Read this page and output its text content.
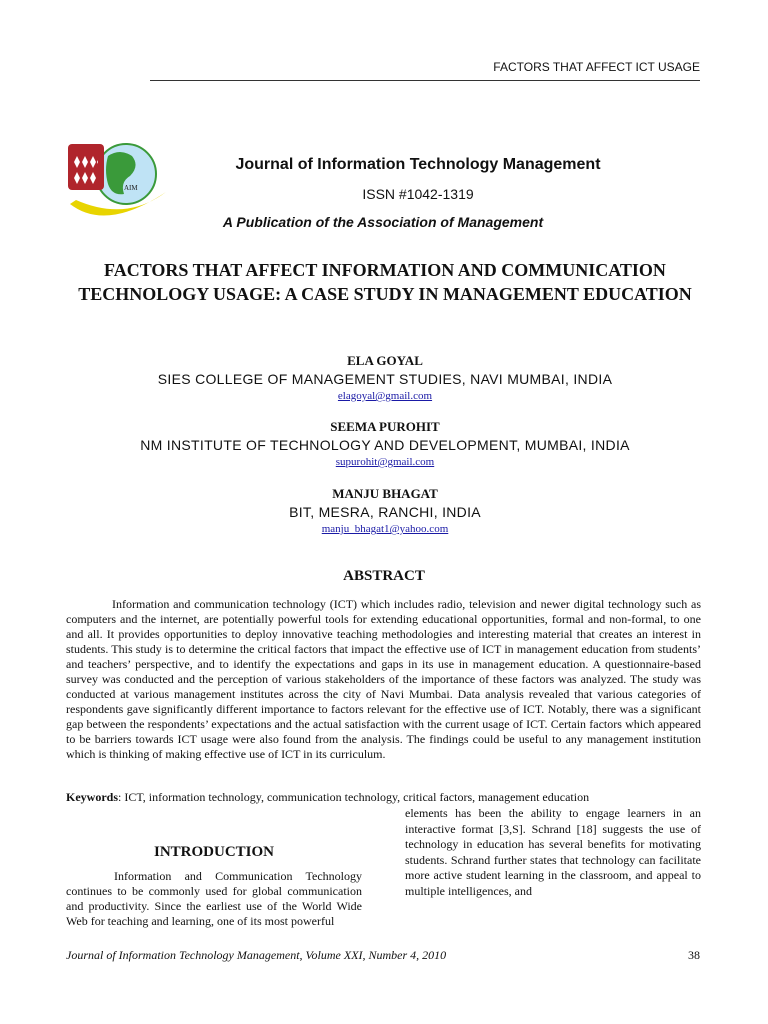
FACTORS THAT AFFECT ICT USAGE
AIM
Journal of Information Technology Management
ISSN #1042-1319
A Publication of the Association of Management
FACTORS THAT AFFECT INFORMATION AND COMMUNICATION TECHNOLOGY USAGE: A CASE STUDY IN MANAGEMENT EDUCATION
ELA GOYAL
SIES COLLEGE OF MANAGEMENT STUDIES, NAVI MUMBAI, INDIA
elagoyal@gmail.com
SEEMA PUROHIT
NM INSTITUTE OF TECHNOLOGY AND DEVELOPMENT, MUMBAI, INDIA
supurohit@gmail.com
MANJU BHAGAT
BIT, MESRA, RANCHI, INDIA
manju_bhagat1@yahoo.com
ABSTRACT
Information and communication technology (ICT) which includes radio, television and newer digital technology such as computers and the internet, are potentially powerful tools for extending educational opportunities, formal and non-formal, to one and all. It provides opportunities to deploy innovative teaching methodologies and interesting material that creates an interest in students. This study is to determine the critical factors that impact the effective use of ICT in management education from students’ and teachers’ perspective, and to identify the expectations and gaps in its use in management education. A questionnaire-based survey was conducted and the perception of various stakeholders of the importance of these factors was analyzed. The study was conducted at various management institutes across the city of Navi Mumbai. Data analysis revealed that various categories of respondents gave significantly different importance to factors relevant for the effective use of ICT. Notably, there was a significant gap between the respondents’ expectations and the actual satisfaction with the current usage of ICT. Certain factors which appeared to be barriers towards ICT usage were also found from the analysis. The findings could be useful to any management institution which is thinking of making effective use of ICT in its curriculum.
Keywords: ICT, information technology, communication technology, critical factors, management education
INTRODUCTION
Information and Communication Technology continues to be commonly used for global communication and productivity. Since the earliest use of the World Wide Web for teaching and learning, one of its most powerful
elements has been the ability to engage learners in an interactive format [3,S]. Schrand [18] suggests the use of technology in education has several benefits for motivating students. Schrand further states that technology can facilitate more active student learning in the classroom, and appeal to multiple intelligences, and
Journal of Information Technology Management, Volume XXI, Number 4, 2010	38
